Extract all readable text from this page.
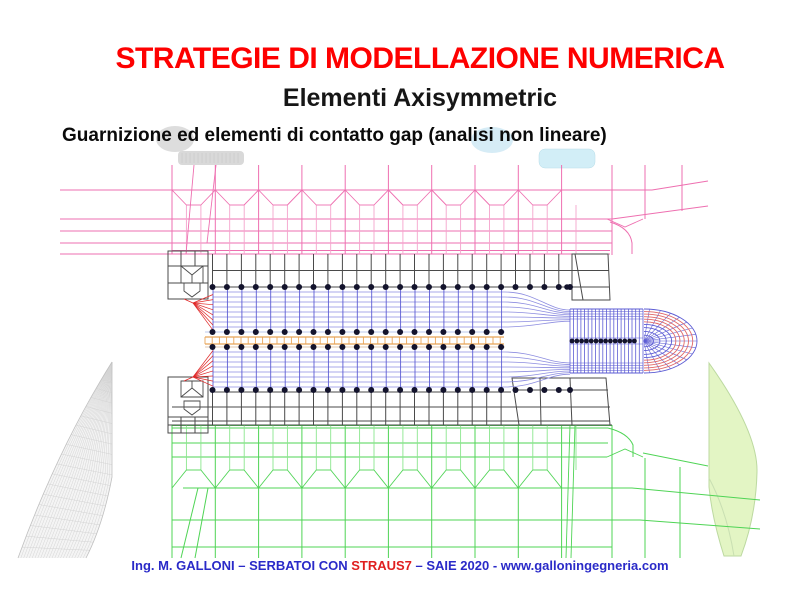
STRATEGIE DI MODELLAZIONE NUMERICA
Elementi Axisymmetric
Guarnizione ed elementi di contatto gap (analisi non lineare)
Ing. M. GALLONI – SERBATOI CON STRAUS7 – SAIE 2020 - www.galloningegneria.com
